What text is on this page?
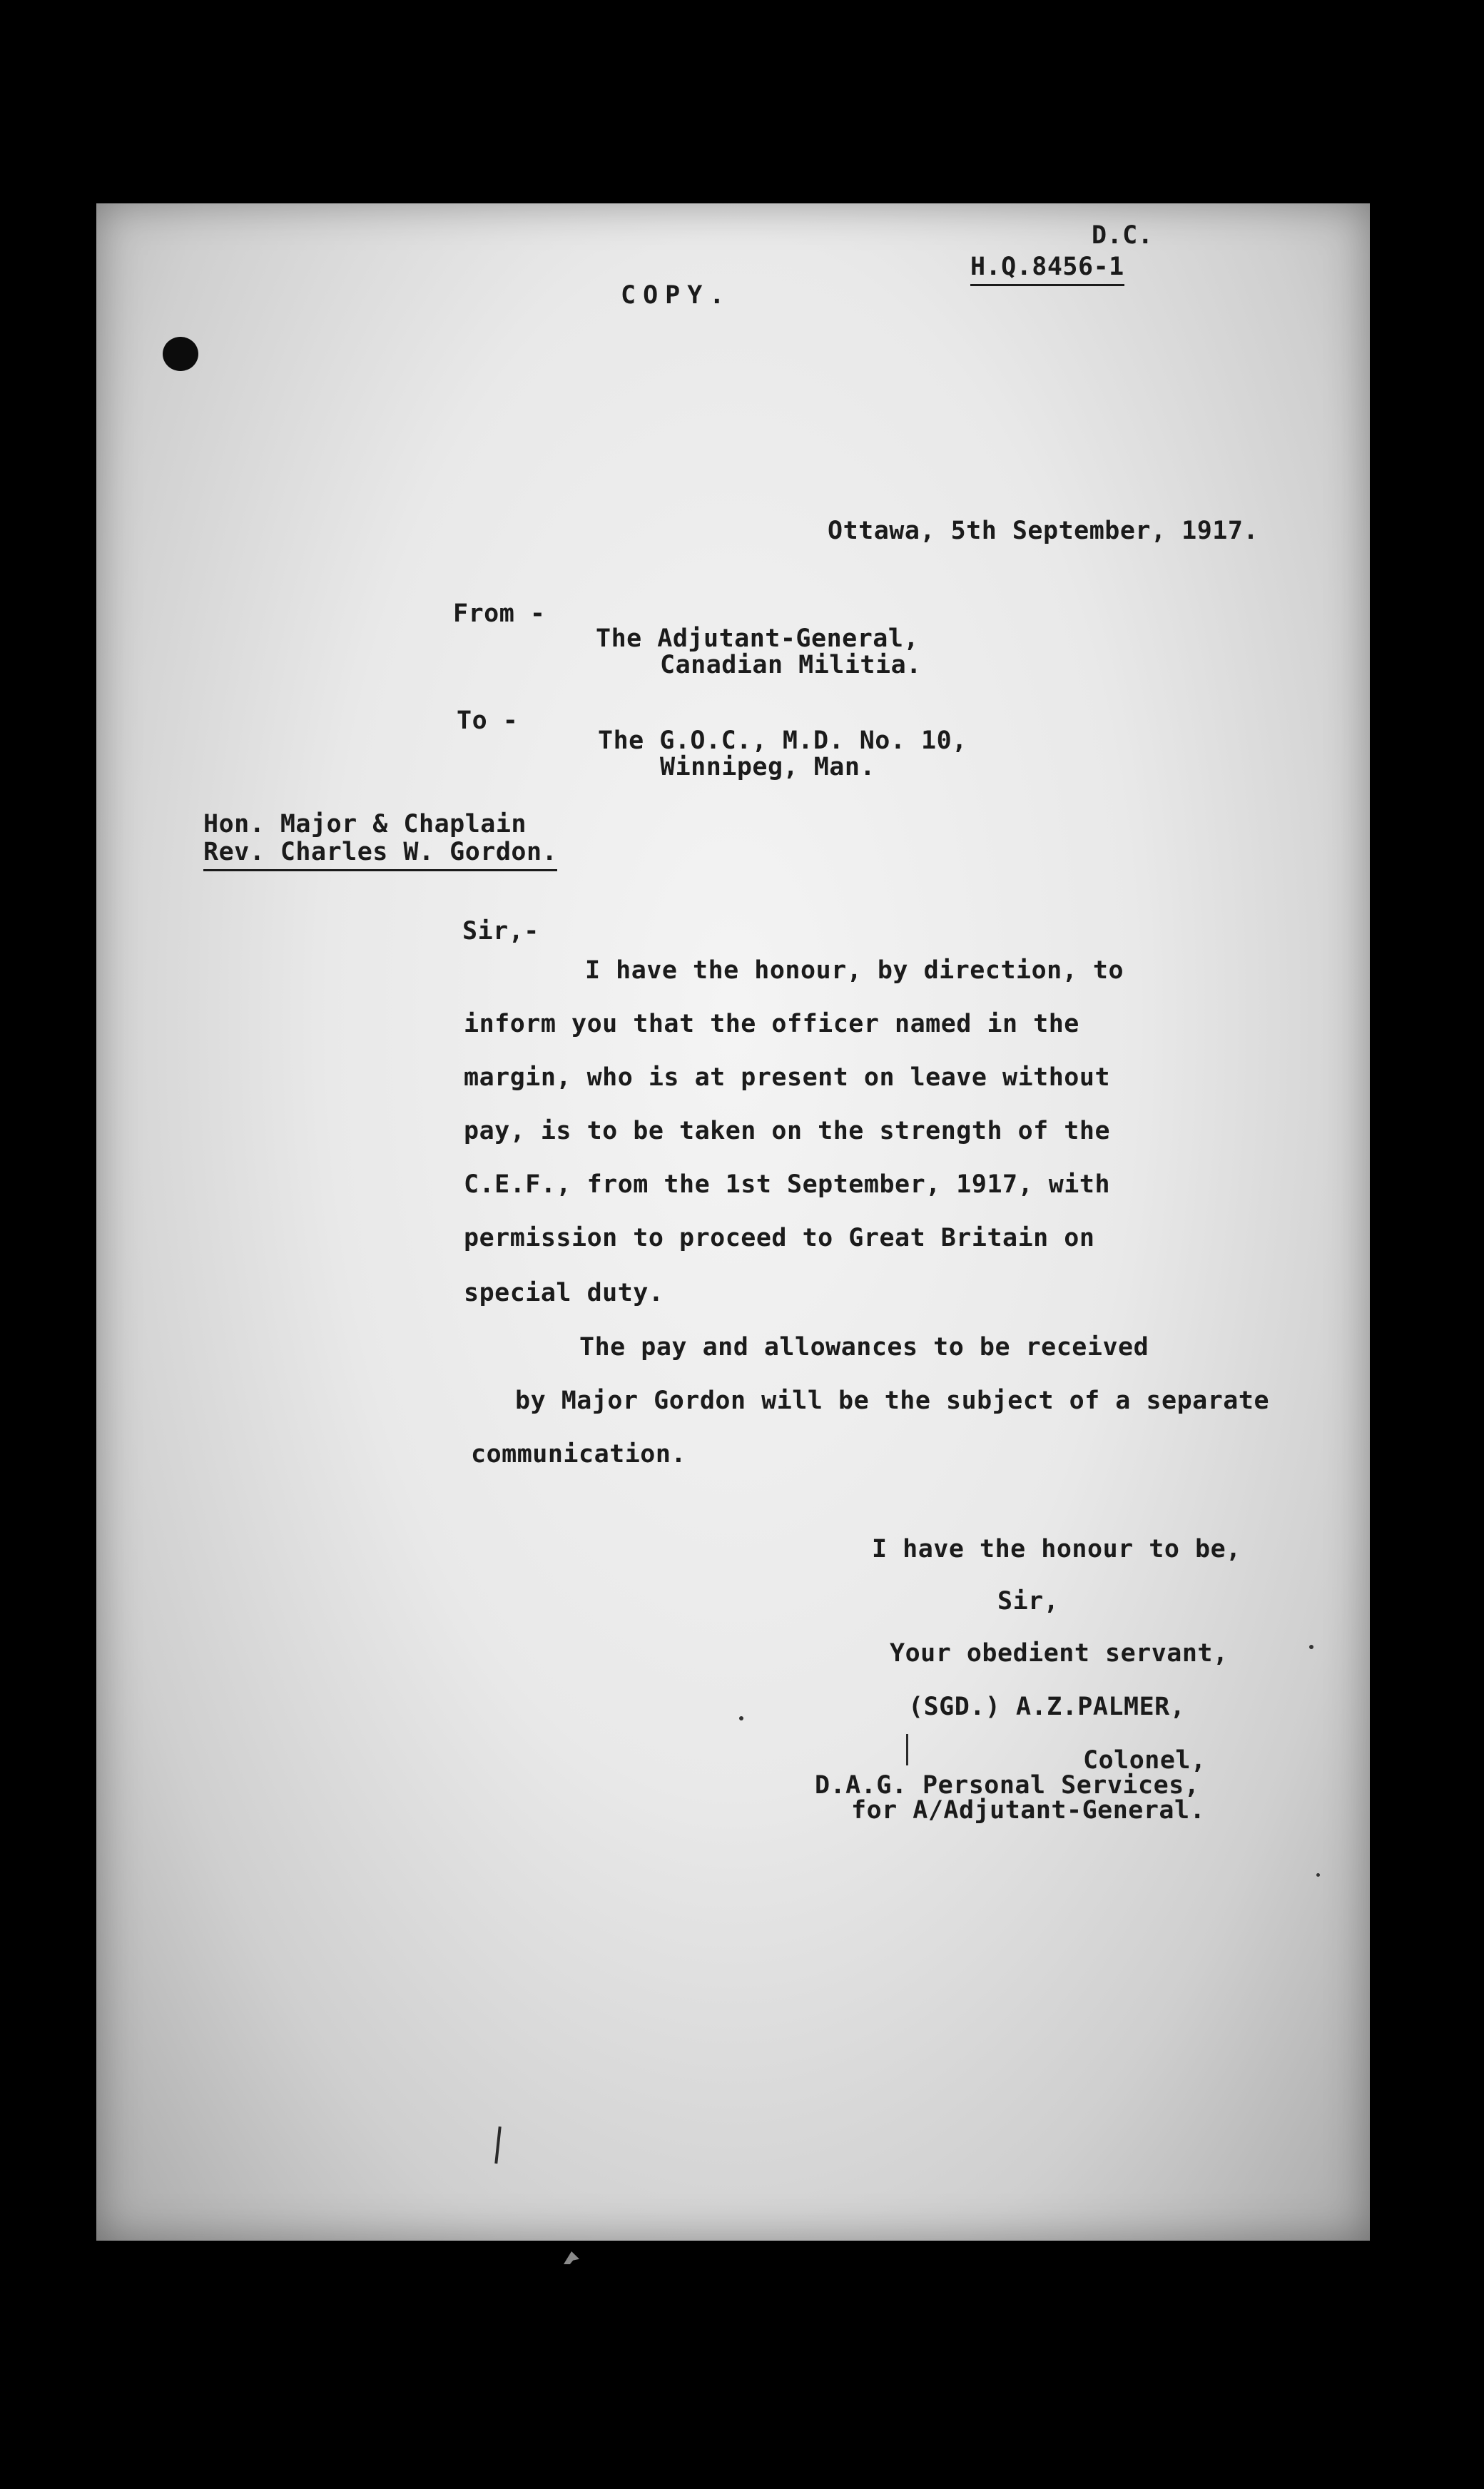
D.C.
H.Q.8456-1
COPY.
Ottawa, 5th September, 1917.
From -
The Adjutant-General,
Canadian Militia.
To -
The G.O.C., M.D. No. 10,
Winnipeg, Man.
Hon. Major & Chaplain
Rev. Charles W. Gordon.
Sir,-
I have the honour, by direction, to
inform you that the officer named in the
margin, who is at present on leave without
pay, is to be taken on the strength of the
C.E.F., from the 1st September, 1917, with
permission to proceed to Great Britain on
special duty.
The pay and allowances to be received
by Major Gordon will be the subject of a separate
communication.
I have the honour to be,
Sir,
Your obedient servant,
(SGD.) A.Z.PALMER,
Colonel,
D.A.G. Personal Services,
for A/Adjutant-General.
